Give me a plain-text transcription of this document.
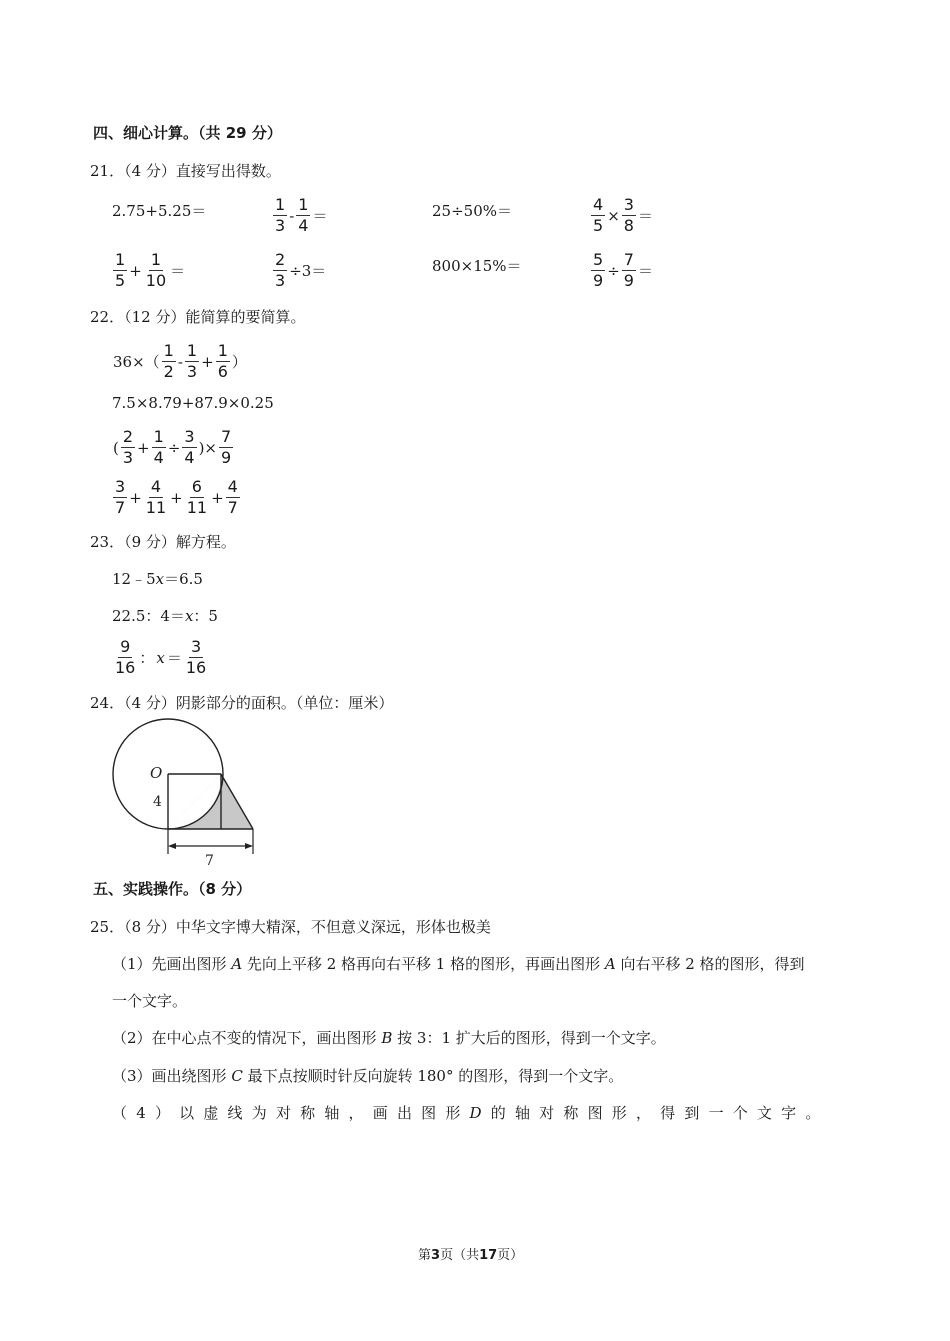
四、细心计算。（共 29 分）
21．（4 分）直接写出得数。
2.75+5.25＝	$\frac{1}{3} - \frac{1}{4}$ ＝	25÷50%＝	$\frac{4}{5} \times \frac{3}{8}$ ＝
$\frac{1}{5} + \frac{1}{10}$ ＝	$\frac{2}{3} \div 3=$	800×15%＝	$\frac{5}{9} \div \frac{7}{9}$ ＝
22．（12 分）能简算的要简算。
$36\times( \frac{1}{2} - \frac{1}{3} + \frac{1}{6}$ ）
7.5×8.79+87.9×0.25
( $\frac{2}{3} + \frac{1}{4} \div \frac{3}{4}$ )× $\frac{7}{9}$
$\frac{3}{7} + \frac{4}{11} + \frac{6}{11} + \frac{4}{7}$
23．（9 分）解方程。
12﹣5x＝6.5
22.5：4＝x：5
$\frac{9}{16}$ ： $x = \frac{3}{16}$
24．（4 分）阴影部分的面积。（单位：厘米）
O
4
7
五、实践操作。（8 分）
25．（8 分）中华文字博大精深，不但意义深远，形体也极美
（1）先画出图形 A 先向上平移 2 格再向右平移 1 格的图形，再画出图形 A 向右平移 2 格的图形，得到
一个文字。
（2）在中心点不变的情况下，画出图形 B 按 3：1 扩大后的图形，得到一个文字。
（3）画出绕图形 C 最下点按顺时针反向旋转 180° 的图形，得到一个文字。
（4）以虚线为对称轴，画出图形D的轴对称图形，得到一个文字。
第3页（共17页）
